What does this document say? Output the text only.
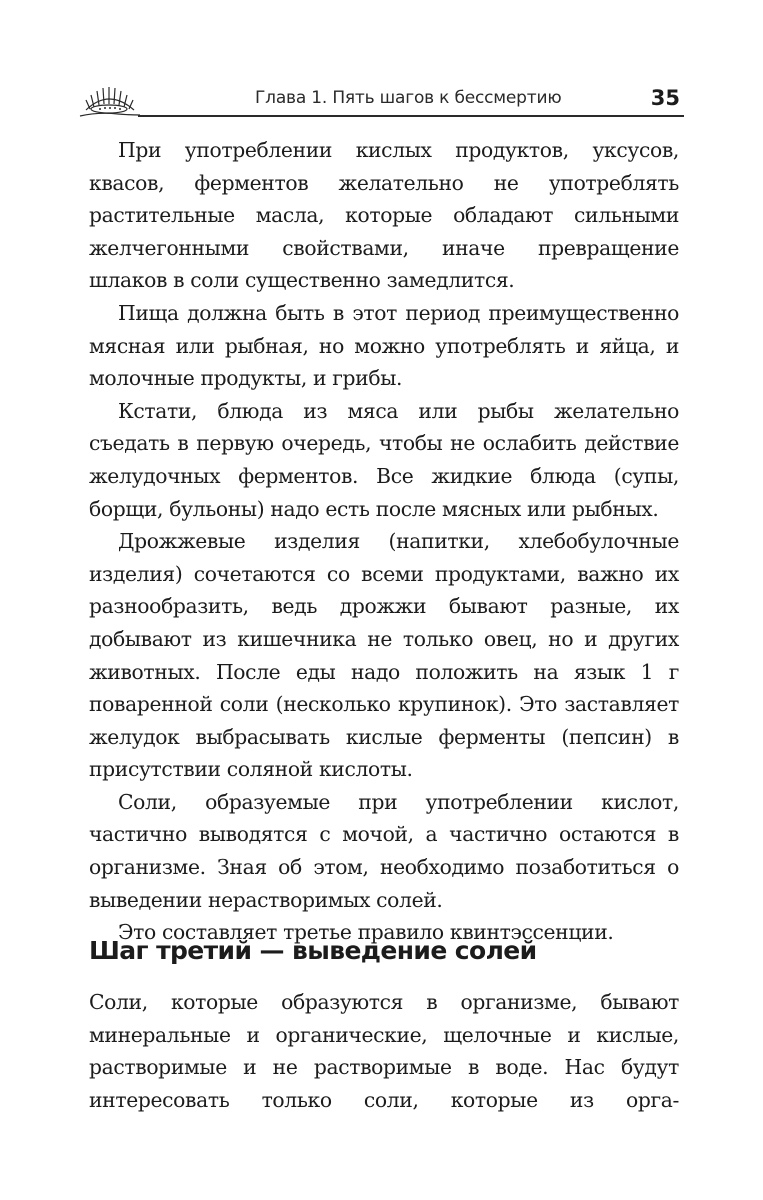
Глава 1. Пять шагов к бессмертию	35

При употреблении кислых продуктов, уксусов, квасов, ферментов желательно не употреблять растительные масла, которые обладают сильными желчегонными свойствами, иначе превращение шлаков в соли существенно замедлится.

Пища должна быть в этот период преимущественно мясная или рыбная, но можно употреблять и яйца, и молочные продукты, и грибы.

Кстати, блюда из мяса или рыбы желательно съедать в первую очередь, чтобы не ослабить действие желудочных ферментов. Все жидкие блюда (супы, борщи, бульоны) надо есть после мясных или рыбных.

Дрожжевые изделия (напитки, хлебобулочные изделия) сочетаются со всеми продуктами, важно их разнообразить, ведь дрожжи бывают разные, их добывают из кишечника не только овец, но и других животных. После еды надо положить на язык 1 г поваренной соли (несколько крупинок). Это заставляет желудок выбрасывать кислые ферменты (пепсин) в присутствии соляной кислоты.

Соли, образуемые при употреблении кислот, частично выводятся с мочой, а частично остаются в организме. Зная об этом, необходимо позаботиться о выведении нерастворимых солей.

Это составляет третье правило квинтэссенции.

Шаг третий — выведение солей

Соли, которые образуются в организме, бывают минеральные и органические, щелочные и кислые, растворимые и не растворимые в воде. Нас будут интересовать только соли, которые из орга-
